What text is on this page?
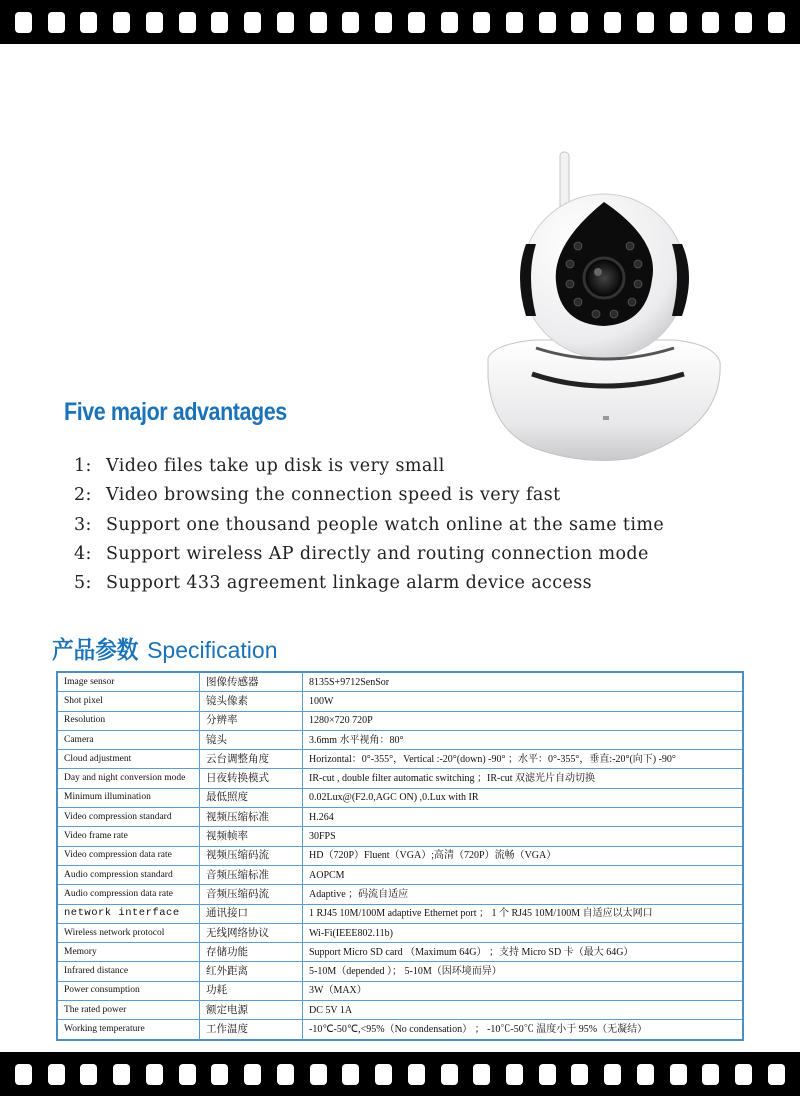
Five major advantages
1: Video files take up disk is very small
2: Video browsing the connection speed is very fast
3: Support one thousand people watch online at the same time
4: Support wireless AP directly and routing connection mode
5: Support 433 agreement linkage alarm device access
产品参数 Specification
Image sensor	图像传感器	8135S+9712SenSor
Shot pixel	镜头像素	100W
Resolution	分辨率	1280×720 720P
Camera	镜头	3.6mm 水平视角：80°
Cloud adjustment	云台调整角度	Horizontal：0°-355°，Vertical :-20°(down) -90° ；水平：0°-355°，垂直:-20°(向下) -90°
Day and night conversion mode	日夜转换模式	IR-cut , double filter automatic switching ；IR-cut 双滤光片自动切换
Minimum illumination	最低照度	0.02Lux@(F2.0,AGC ON) ,0.Lux with IR
Video compression standard	视频压缩标准	H.264
Video frame rate	视频帧率	30FPS
Video compression data rate	视频压缩码流	HD（720P）Fluent（VGA）;高清（720P）流畅（VGA）
Audio compression standard	音频压缩标准	AOPCM
Audio compression data rate	音频压缩码流	Adaptive ；码流自适应
network interface	通讯接口	1 RJ45 10M/100M adaptive Ethernet port ； 1 个 RJ45 10M/100M 自适应以太网口
Wireless network protocol	无线网络协议	Wi-Fi(IEEE802.11b)
Memory	存储功能	Support Micro SD card （Maximum 64G） ；支持 Micro SD 卡（最大 64G）
Infrared distance	红外距离	5-10M（depended ）； 5-10M（因环境而异）
Power consumption	功耗	3W（MAX）
The rated power	额定电源	DC 5V 1A
Working temperature	工作温度	-10℃-50℃,<95%（No condensation） ； -10℃-50℃ 温度小于 95%（无凝结）
